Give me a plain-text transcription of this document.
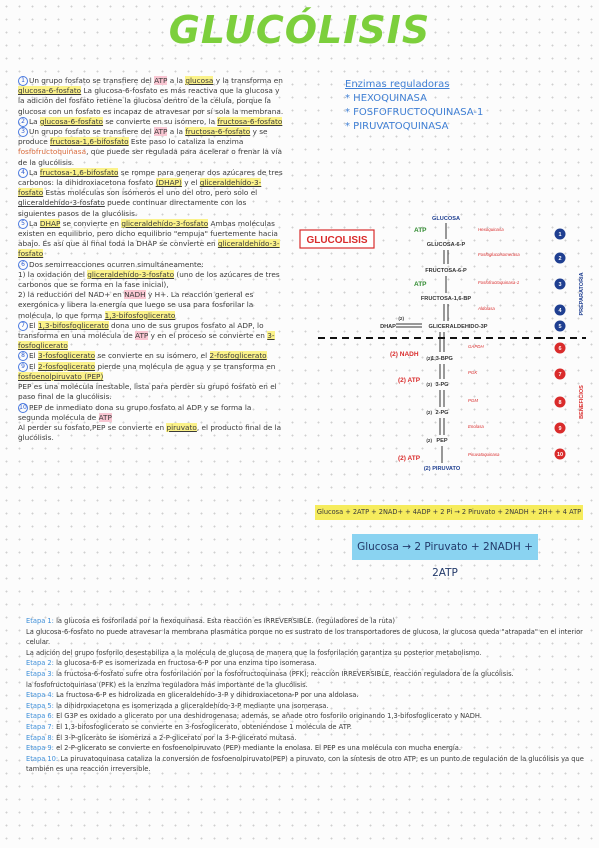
GLUCÓLISIS
1 Un grupo fosfato se transfiere del ATP a la glucosa y la transforma en glucosa-6-fosfato La glucosa-6-fosfato es más reactiva que la glucosa y la adición del fosfato retiene la glucosa dentro de la célula, porque la glucosa con un fosfato es incapaz de atravesar por sí sola la membrana.
2 La glucosa-6-fosfato se convierte en su isómero, la fructosa-6-fosfato
3 Un grupo fosfato se transfiere del ATP a la fructosa-6-fosfato y se produce fructosa-1,6-bifosfato Este paso lo cataliza la enzima fosfofructoquinasa, que puede ser regulada para acelerar o frenar la vía de la glucólisis.
4 La fructosa-1,6-bifosfato se rompe para generar dos azúcares de tres carbonos: la dihidroxiacetona fosfato (DHAP) y el gliceraldehído-3-fosfato Estas moléculas son isómeros el uno del otro, pero solo el gliceraldehído-3-fosfato puede continuar directamente con los siguientes pasos de la glucólisis.
5 La DHAP se convierte en gliceraldehído-3-fosfato Ambas moléculas existen en equilibrio, pero dicho equilibrio "empuja" fuertemente hacia abajo. Es así que al final toda la DHAP se convierte en gliceraldehído-3-fosfato
6 Dos semirreacciones ocurren simultáneamente:
1) la oxidación del gliceraldehído-3-fosfato (uno de los azúcares de tres carbonos que se forma en la fase inicial),
2) la reducción del NAD+ en NADH y H+. La reacción general es exergónica y libera la energía que luego se usa para fosforilar la molécula, lo que forma 1,3-bifosfoglicerato
7 El 1,3-bifosfoglicerato dona uno de sus grupos fosfato al ADP, lo transforma en una molécula de ATP y en el proceso se convierte en 3-fosfoglicerato
8 El 3-fosfoglicerato se convierte en su isómero, el 2-fosfoglicerato
9 El 2-fosfoglicerato pierde una molécula de agua y se transforma en fosfoenolpiruvato (PEP)
PEP es una molécula inestable, lista para perder su grupo fosfato en el paso final de la glucólisis.
10 PEP de inmediato dona su grupo fosfato al ADP y se forma la segunda molécula de ATP
Al perder su fosfato,PEP se convierte en piruvato, el producto final de la glucólisis.
Enzimas reguladoras
* HEXOQUINASA
* FOSFOFRUCTOQUINASA-1
* PIRUVATOQUINASA
GLUCOLISIS
GLUCOSA
GLUCOSA-6-P
FRUCTOSA-6-P
FRUCTOSA-1,6-BP
GLICERALDEHIDO-3P
DHAP
1,3-BPG
3-PG
2-PG
PEP
(2) PIRUVATO
(2)
(2)
(2)
(2)
(2)
ATP
ATP
(2) NADH
(2) ATP
(2) ATP
Hexoquinasa
Fosfoglucoisomerasa
Fosfofructoquinasa-1
Aldolasa
GAPDH
PGK
PGM
Enolasa
Piruvatoquinasa
1
2
3
4
5
6
7
8
9
10
PREPARATORIA
BENEFICIOS
Glucosa + 2ATP + 2NAD+ + 4ADP + 2 Pi → 2 Piruvato + 2NADH + 2H+ + 4 ATP
Glucosa → 2 Piruvato + 2NADH + 2ATP
Etapa 1: la glucosa es fosforilada por la hexoquinasa. Esta reacción es IRREVERSIBLE. (reguladores de la ruta)
La glucosa-6-fosfato no puede atravesar la membrana plasmática porque no es sustrato de los transportadores de glucosa, la glucosa queda "atrapada" en el interior celular.
La adición del grupo fosforilo desestabiliza a la molécula de glucosa de manera que la fosforilación garantiza su posterior metabolismo.
Etapa 2: la glucosa-6-P es isomerizada en fructosa-6-P por una enzima tipo isomerasa.
Etapa 3: la fructosa-6-fosfato sufre otra fosforilación por la fosfofructoquinasa (PFK); reacción IRREVERSIBLE, reacción reguladora de la glucólisis.
la fosfofructoquinasa (PFK) es la enzima reguladora más importante de la glucólisis.
Etapa 4: La fructosa-6-P es hidrolizada en gliceraldehído-3-P y dihidroxiacetona-P por una aldolasa.
Etapa 5: la dihidroxiacetona es isomerizada a gliceraldehído-3-P mediante una isomerasa.
Etapa 6: El G3P es oxidado a glicerato por una deshidrogenasa; además, se añade otro fosforilo originando 1,3-bifosfoglicerato y NADH.
Etapa 7: El 1,3-bifosfoglicerato se convierte en 3-fosfoglicerato, obteniéndose 1 molécula de ATP.
Etapa 8: El 3-P-glicerato se isomeriza a 2-P-glicerato por la 3-P-glicerato mutasa.
Etapa 9: el 2-P-glicerato se convierte en fosfoenolpiruvato (PEP) mediante la enolasa. El PEP es una molécula con mucha energía.
Etapa 10: La piruvatoquinasa cataliza la conversión de fosfoenolpiruvato(PEP) a piruvato, con la síntesis de otro ATP; es un punto de regulación de la glucólisis ya que también es una reacción irreversible.
